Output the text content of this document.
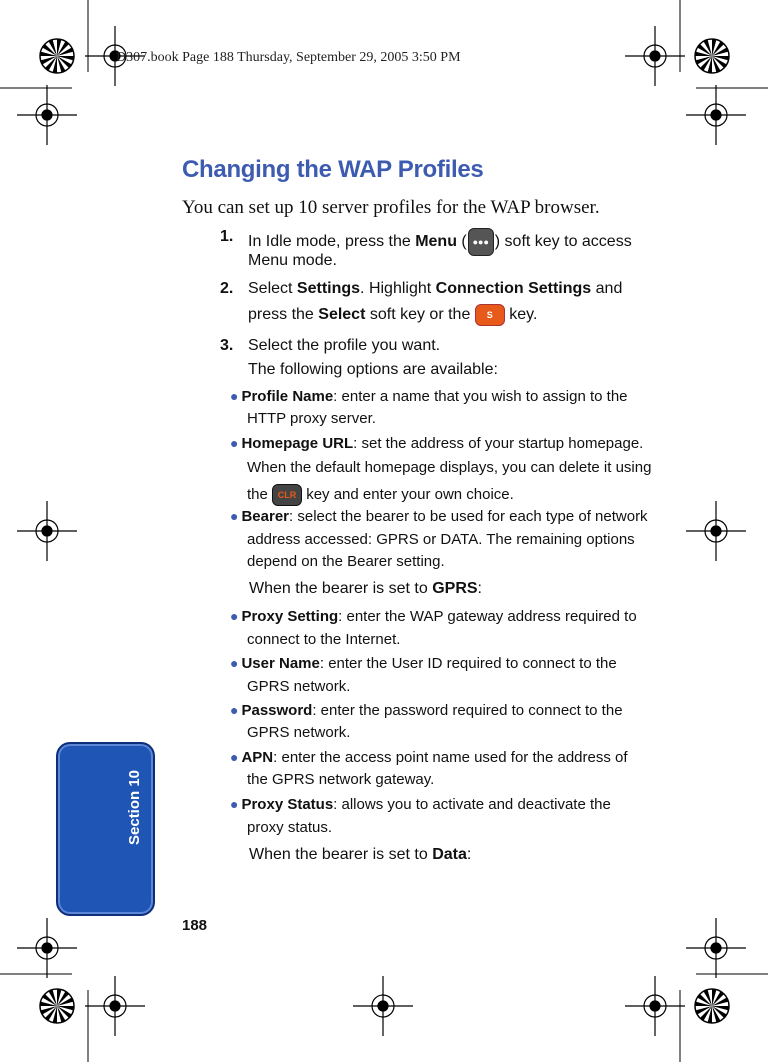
D307.book Page 188 Thursday, September 29, 2005 3:50 PM
Changing the WAP Profiles
You can set up 10 server profiles for the WAP browser.
1. In Idle mode, press the Menu ( ●●● ) soft key to access
Menu mode.
2. Select Settings. Highlight Connection Settings and
press the Select soft key or the S key.
3. Select the profile you want.
The following options are available:
● Profile Name: enter a name that you wish to assign to the
HTTP proxy server.
● Homepage URL: set the address of your startup homepage.
When the default homepage displays, you can delete it using
the CLR key and enter your own choice.
● Bearer: select the bearer to be used for each type of network
address accessed: GPRS or DATA. The remaining options
depend on the Bearer setting.
When the bearer is set to GPRS:
● Proxy Setting: enter the WAP gateway address required to
connect to the Internet.
● User Name: enter the User ID required to connect to the
GPRS network.
● Password: enter the password required to connect to the
GPRS network.
● APN: enter the access point name used for the address of
the GPRS network gateway.
● Proxy Status: allows you to activate and deactivate the
proxy status.
When the bearer is set to Data:
Section 10
188
